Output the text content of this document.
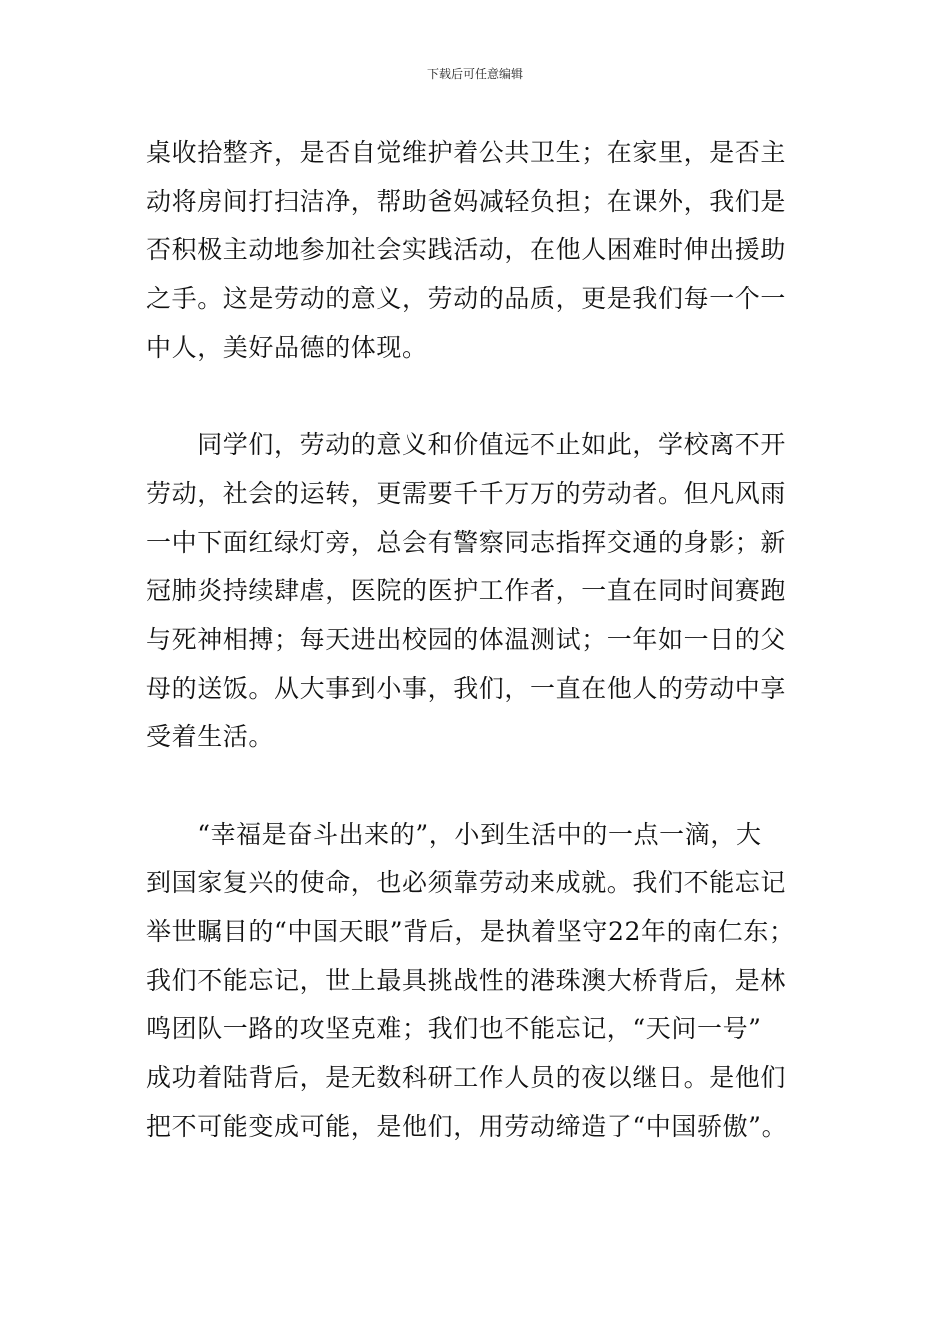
下载后可任意编辑
桌收拾整齐，是否自觉维护着公共卫生；在家里，是否主
动将房间打扫洁净，帮助爸妈减轻负担；在课外，我们是
否积极主动地参加社会实践活动，在他人困难时伸出援助
之手。这是劳动的意义，劳动的品质，更是我们每一个一
中人，美好品德的体现。
　　同学们，劳动的意义和价值远不止如此，学校离不开
劳动，社会的运转，更需要千千万万的劳动者。但凡风雨
一中下面红绿灯旁，总会有警察同志指挥交通的身影；新
冠肺炎持续肆虐，医院的医护工作者，一直在同时间赛跑
与死神相搏；每天进出校园的体温测试；一年如一日的父
母的送饭。从大事到小事，我们，一直在他人的劳动中享
受着生活。
　　“幸福是奋斗出来的”，小到生活中的一点一滴，大
到国家复兴的使命，也必须靠劳动来成就。我们不能忘记
举世瞩目的“中国天眼”背后，是执着坚守22年的南仁东；
我们不能忘记，世上最具挑战性的港珠澳大桥背后，是林
鸣团队一路的攻坚克难；我们也不能忘记，“天问一号”
成功着陆背后，是无数科研工作人员的夜以继日。是他们
把不可能变成可能，是他们，用劳动缔造了“中国骄傲”。
